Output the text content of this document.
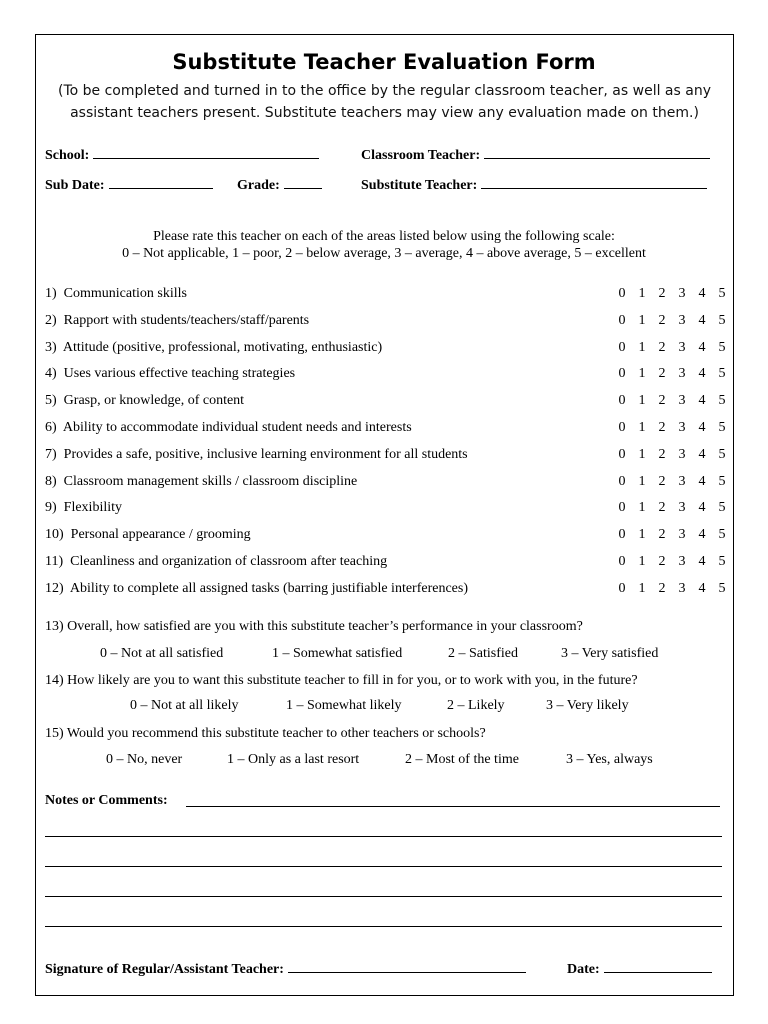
Substitute Teacher Evaluation Form
(To be completed and turned in to the office by the regular classroom teacher, as well as any assistant teachers present. Substitute teachers may view any evaluation made on them.)
School:	Classroom Teacher:
Sub Date:	Grade:	Substitute Teacher:
Please rate this teacher on each of the areas listed below using the following scale:
0 – Not applicable, 1 – poor, 2 – below average, 3 – average, 4 – above average, 5 – excellent
1) Communication skills	0 1 2 3 4 5
2) Rapport with students/teachers/staff/parents	0 1 2 3 4 5
3) Attitude (positive, professional, motivating, enthusiastic)	0 1 2 3 4 5
4) Uses various effective teaching strategies	0 1 2 3 4 5
5) Grasp, or knowledge, of content	0 1 2 3 4 5
6) Ability to accommodate individual student needs and interests	0 1 2 3 4 5
7) Provides a safe, positive, inclusive learning environment for all students	0 1 2 3 4 5
8) Classroom management skills / classroom discipline	0 1 2 3 4 5
9) Flexibility	0 1 2 3 4 5
10) Personal appearance / grooming	0 1 2 3 4 5
11) Cleanliness and organization of classroom after teaching	0 1 2 3 4 5
12) Ability to complete all assigned tasks (barring justifiable interferences)	0 1 2 3 4 5
13) Overall, how satisfied are you with this substitute teacher’s performance in your classroom?
0 – Not at all satisfied	1 – Somewhat satisfied	2 – Satisfied	3 – Very satisfied
14) How likely are you to want this substitute teacher to fill in for you, or to work with you, in the future?
0 – Not at all likely	1 – Somewhat likely	2 – Likely	3 – Very likely
15) Would you recommend this substitute teacher to other teachers or schools?
0 – No, never	1 – Only as a last resort	2 – Most of the time	3 – Yes, always
Notes or Comments:
Signature of Regular/Assistant Teacher:	Date:
